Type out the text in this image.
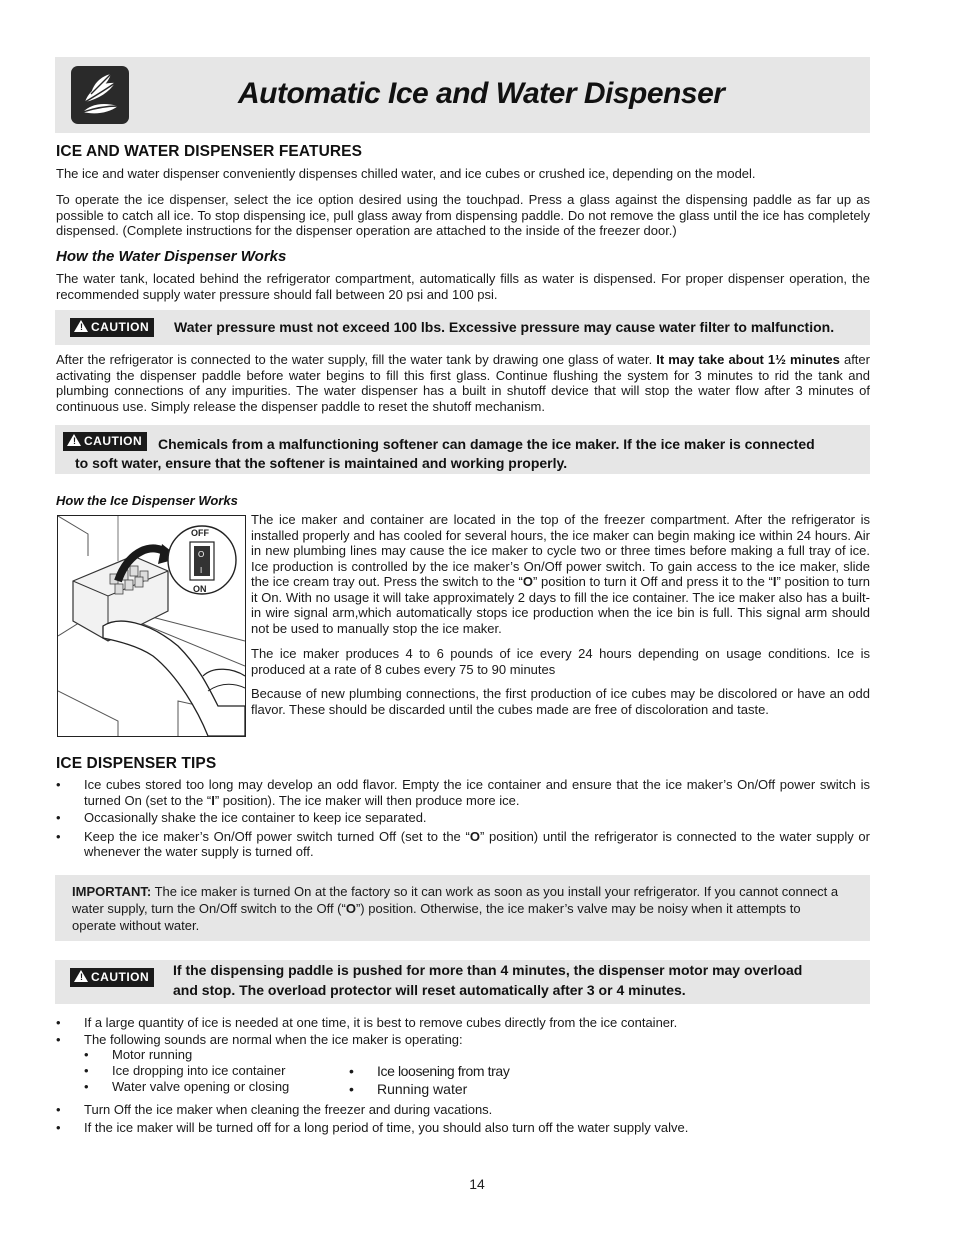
Automatic Ice and Water Dispenser
ICE AND WATER DISPENSER FEATURES
The ice and water dispenser conveniently dispenses chilled water, and ice cubes or crushed ice, depending on the model.
To operate the ice dispenser, select the ice option desired using the touchpad. Press a glass against the dispensing paddle as far up as possible to catch all ice. To stop dispensing ice, pull glass away from dispensing paddle. Do not remove the glass until the ice has completely dispensed. (Complete instructions for the dispenser operation are attached to the inside of the freezer door.)
How the Water Dispenser Works
The water tank, located behind the refrigerator compartment, automatically fills as water is dispensed. For proper dispenser operation, the recommended supply water pressure should fall between 20 psi and 100 psi.
! CAUTION	Water pressure must not exceed 100 lbs. Excessive pressure may cause water filter to malfunction.
After the refrigerator is connected to the water supply, fill the water tank by drawing one glass of water. It may take about 1½ minutes after activating the dispenser paddle before water begins to fill this first glass. Continue flushing the system for 3 minutes to rid the tank and plumbing connections of any impurities. The water dispenser has a built in shutoff device that will stop the water flow after 3 minutes of continuous use. Simply release the dispenser paddle to reset the shutoff mechanism.
! CAUTION	Chemicals from a malfunctioning softener can damage the ice maker. If the ice maker is connected
to soft water, ensure that the softener is maintained and working properly.
How the Ice Dispenser Works
OFF
ON
O
I
The ice maker and container are located in the top of the freezer compartment. After the refrigerator is installed properly and has cooled for several hours, the ice maker can begin making ice within 24 hours. Air in new plumbing lines may cause the ice maker to cycle two or three times before making a full tray of ice. Ice production is controlled by the ice maker’s On/Off power switch. To gain access to the ice maker, slide the ice cream tray out. Press the switch to the “O” position to turn it Off and press it to the “I” position to turn it On. With no usage it will take approximately 2 days to fill the ice container. The ice maker also has a built-in wire signal arm,which automatically stops ice production when the ice bin is full. This signal arm should not be used to manually stop the ice maker.
The ice maker produces 4 to 6 pounds of ice every 24 hours depending on usage conditions. Ice is produced at a rate of 8 cubes every 75 to 90 minutes
Because of new plumbing connections, the first production of ice cubes may be discolored or have an odd flavor. These should be discarded until the cubes made are free of discoloration and taste.
ICE DISPENSER TIPS
• Ice cubes stored too long may develop an odd flavor. Empty the ice container and ensure that the ice maker’s On/Off power switch is turned On (set to the “I” position). The ice maker will then produce more ice.
• Occasionally shake the ice container to keep ice separated.
• Keep the ice maker’s On/Off power switch turned Off (set to the “O” position) until the refrigerator is connected to the water supply or whenever the water supply is turned off.
IMPORTANT: The ice maker is turned On at the factory so it can work as soon as you install your refrigerator. If you cannot connect a water supply, turn the On/Off switch to the Off (“O”) position. Otherwise, the ice maker’s valve may be noisy when it attempts to operate without water.
! CAUTION	If the dispensing paddle is pushed for more than 4 minutes, the dispenser motor may overload
and stop. The overload protector will reset automatically after 3 or 4 minutes.
• If a large quantity of ice is needed at one time, it is best to remove cubes directly from the ice container.
• The following sounds are normal when the ice maker is operating:
• Motor running
• Ice dropping into ice container
• Water valve opening or closing
• Ice loosening from tray
• Running water
• Turn Off the ice maker when cleaning the freezer and during vacations.
• If the ice maker will be turned off for a long period of time, you should also turn off the water supply valve.
14
